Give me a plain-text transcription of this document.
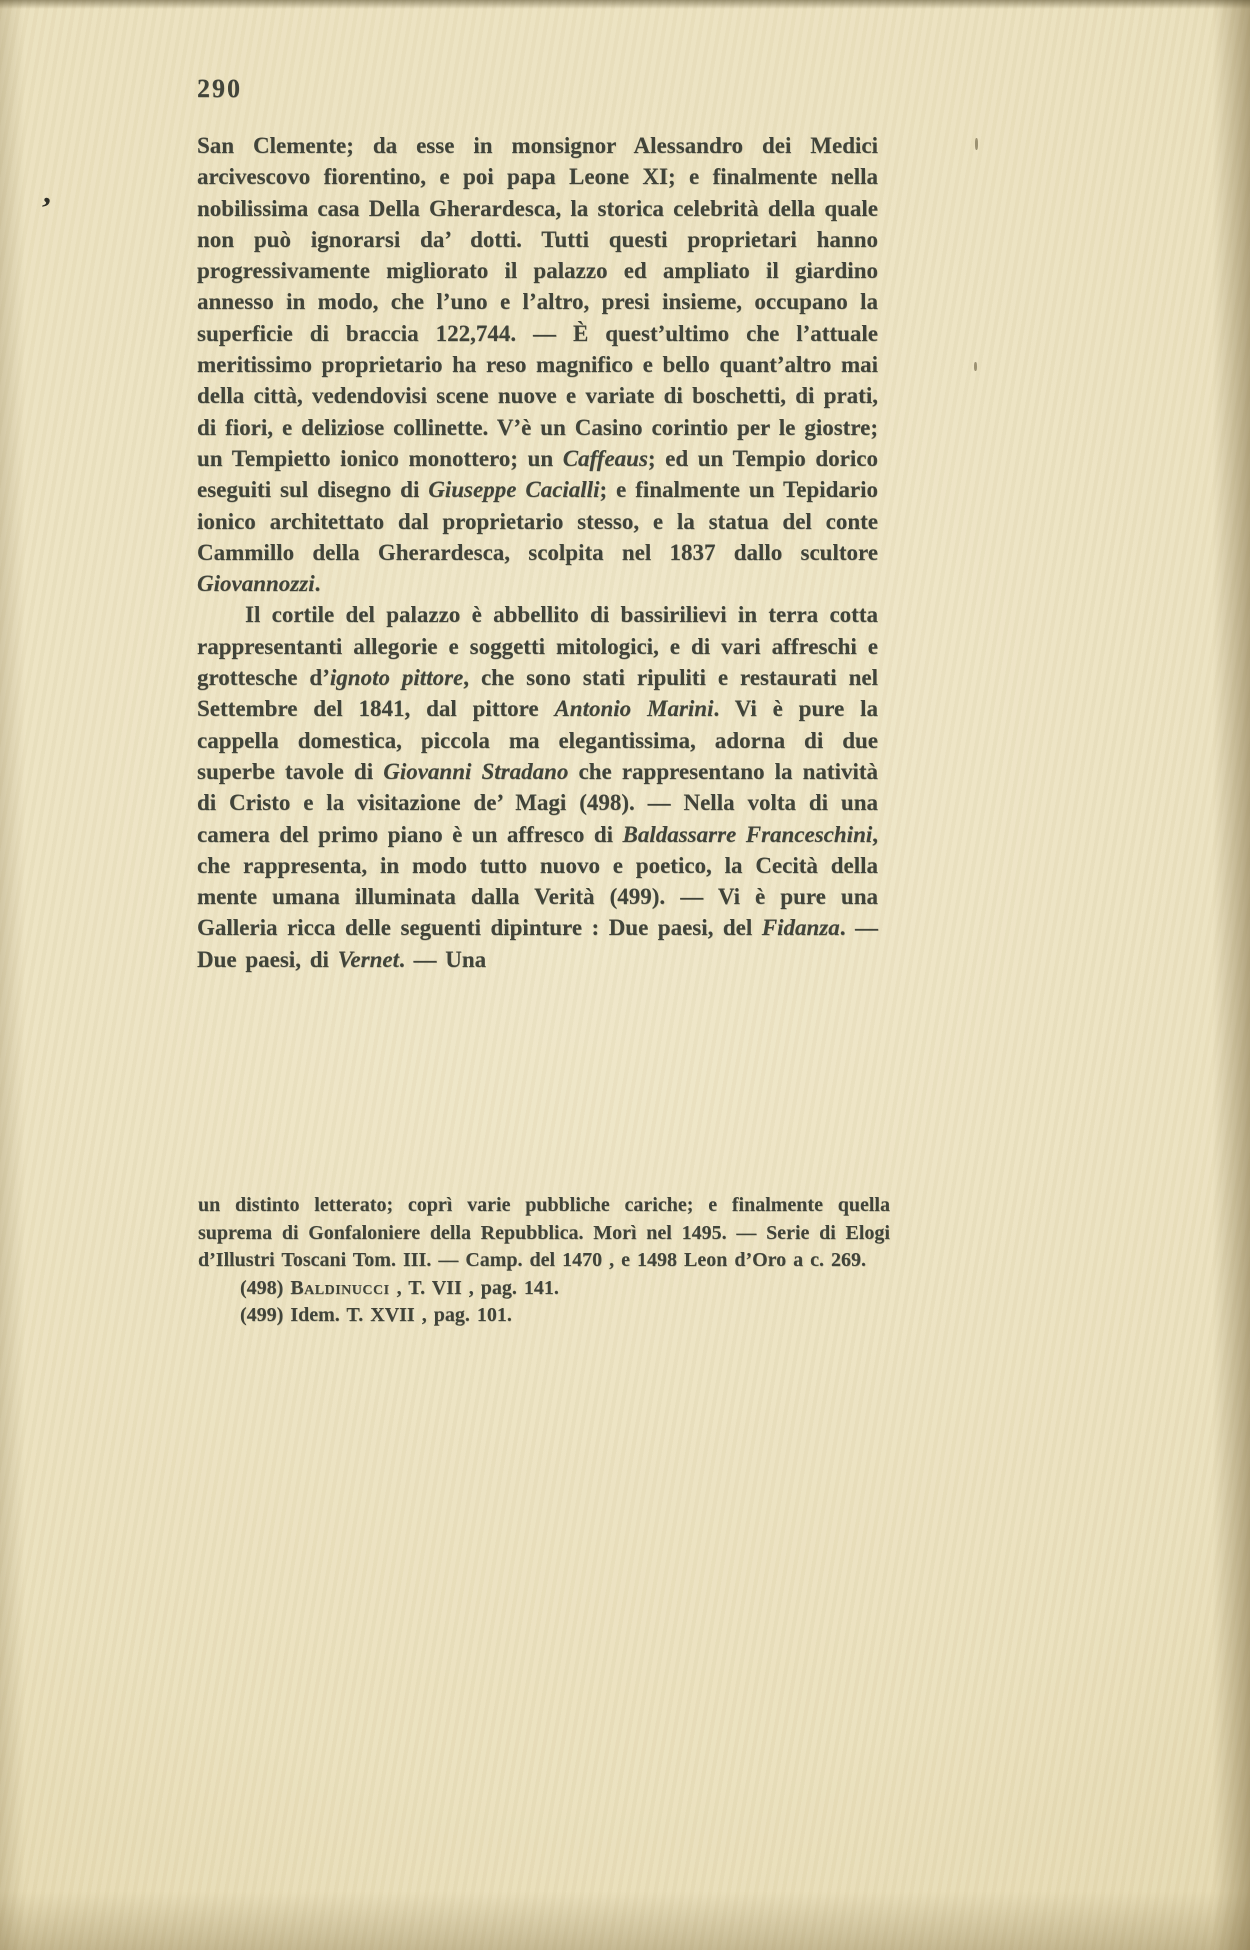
290
’

San Clemente; da esse in monsignor Alessandro dei Medici arcivescovo fiorentino, e poi papa Leone XI; e finalmente nella nobilissima casa Della Gherardesca, la storica celebrità della quale non può ignorarsi da’ dotti. Tutti questi proprietari hanno progressivamente migliorato il palazzo ed ampliato il giardino annesso in modo, che l’uno e l’altro, presi insieme, occupano la superficie di braccia 122,744. — È quest’ultimo che l’attuale meritissimo proprietario ha reso magnifico e bello quant’altro mai della città, vedendovisi scene nuove e variate di boschetti, di prati, di fiori, e deliziose collinette. V’è un Casino corintio per le giostre; un Tempietto ionico monottero; un Caffeaus; ed un Tempio dorico eseguiti sul disegno di Giuseppe Cacialli; e finalmente un Tepidario ionico architettato dal proprietario stesso, e la statua del conte Cammillo della Gherardesca, scolpita nel 1837 dallo scultore Giovannozzi.

Il cortile del palazzo è abbellito di bassirilievi in terra cotta rappresentanti allegorie e soggetti mitologici, e di vari affreschi e grottesche d’ignoto pittore, che sono stati ripuliti e restaurati nel Settembre del 1841, dal pittore Antonio Marini. Vi è pure la cappella domestica, piccola ma elegantissima, adorna di due superbe tavole di Giovanni Stradano che rappresentano la natività di Cristo e la visitazione de’ Magi (498). — Nella volta di una camera del primo piano è un affresco di Baldassarre Franceschini, che rappresenta, in modo tutto nuovo e poetico, la Cecità della mente umana illuminata dalla Verità (499). — Vi è pure una Galleria ricca delle seguenti dipinture : Due paesi, del Fidanza. — Due paesi, di Vernet. — Una

un distinto letterato; coprì varie pubbliche cariche; e finalmente quella suprema di Gonfaloniere della Repubblica. Morì nel 1495. — Serie di Elogi d’Illustri Toscani Tom. III. — Camp. del 1470 , e 1498 Leon d’Oro a c. 269.

(498) Baldinucci , T. VII , pag. 141.

(499) Idem. T. XVII , pag. 101.
